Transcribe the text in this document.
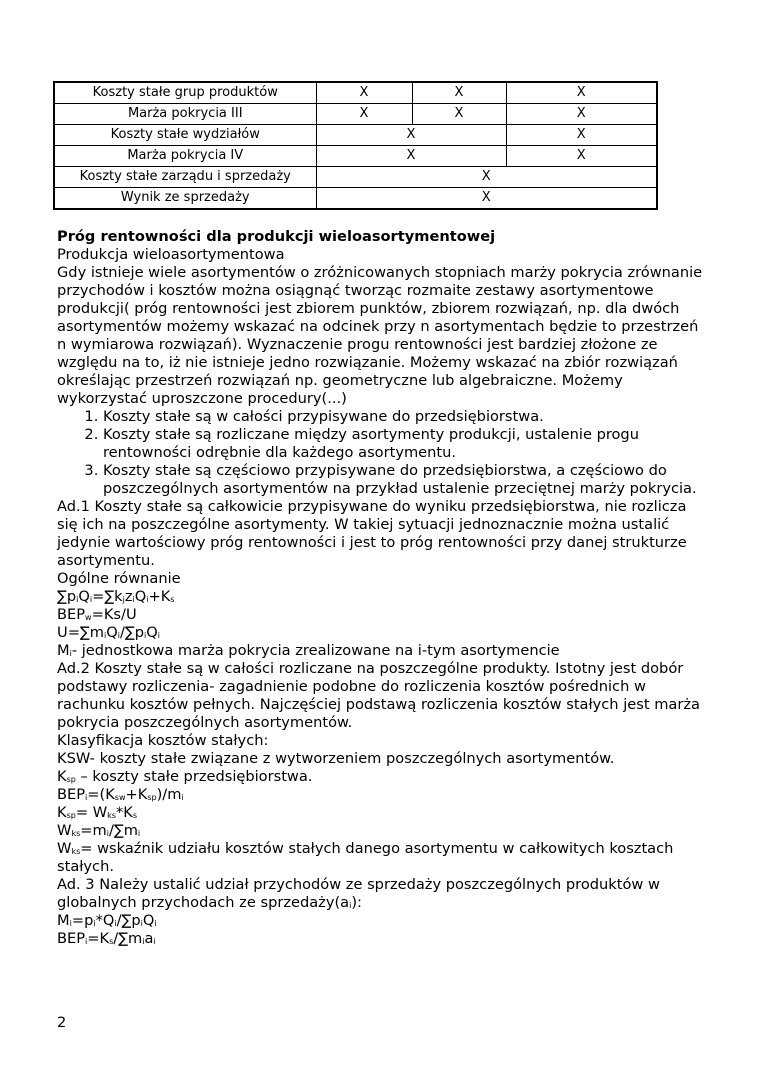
Koszty stałe grup produktów	X	X	X
Marża pokrycia III	X	X	X
Koszty stałe wydziałów	X		X
Marża pokrycia IV	X		X
Koszty stałe zarządu i sprzedaży	X		
Wynik ze sprzedaży	X		

Próg rentowności dla produkcji wieloasortymentowej

Produkcja wieloasortymentowa

Gdy istnieje wiele asortymentów o zróżnicowanych stopniach marży pokrycia zrównanie przychodów i kosztów można osiągnąć tworząc rozmaite zestawy asortymentowe produkcji( próg rentowności jest zbiorem punktów, zbiorem rozwiązań, np. dla dwóch asortymentów możemy wskazać na odcinek przy n asortymentach będzie to przestrzeń n wymiarowa rozwiązań). Wyznaczenie progu rentowności jest bardziej złożone ze względu na to, iż nie istnieje jedno rozwiązanie. Możemy wskazać na zbiór rozwiązań określając przestrzeń rozwiązań np. geometryczne lub algebraiczne. Możemy wykorzystać uproszczone procedury(...)

1. Koszty stałe są w całości przypisywane do przedsiębiorstwa.
2. Koszty stałe są rozliczane między asortymenty produkcji, ustalenie progu rentowności odrębnie dla każdego asortymentu.
3. Koszty stałe są częściowo przypisywane do przedsiębiorstwa, a częściowo do poszczególnych asortymentów na przykład ustalenie przeciętnej marży pokrycia.

Ad.1 Koszty stałe są całkowicie przypisywane do wyniku przedsiębiorstwa, nie rozlicza się ich na poszczególne asortymenty. W takiej sytuacji jednoznacznie można ustalić jedynie wartościowy próg rentowności i jest to próg rentowności przy danej strukturze asortymentu.

Ogólne równanie

$\sum p_iQ_i=\sum k_jz_iQ_i+K_s$

$BEP_w=Ks/U$

$U=\sum m_iQ_i/\sum p_iQ_i$

$M_i-$ jednostkowa marża pokrycia zrealizowane na i-tym asortymencie

Ad.2 Koszty stałe są w całości rozliczane na poszczególne produkty. Istotny jest dobór podstawy rozliczenia- zagadnienie podobne do rozliczenia kosztów pośrednich w rachunku kosztów pełnych. Najczęściej podstawą rozliczenia kosztów stałych jest marża pokrycia poszczególnych asortymentów.

Klasyfikacja kosztów stałych:

KSW- koszty stałe związane z wytworzeniem poszczególnych asortymentów.

$K_{sp}$ – koszty stałe przedsiębiorstwa.

$BEP_i=(K_{sw}+K_{sp})/m_i$

$K_{sp}= W_{ks}*K_s$

$W_{ks}=m_i/\sum m_i$

$W_{ks}=$ wskaźnik udziału kosztów stałych danego asortymentu w całkowitych kosztach stałych.

Ad. 3 Należy ustalić udział przychodów ze sprzedaży poszczególnych produktów w globalnych przychodach ze $sprzedaży(a_i)$:

$M_i=p_i*Q_i/\sum p_iQ_i$

$BEP_i=K_s/\sum m_ia_i$

2
